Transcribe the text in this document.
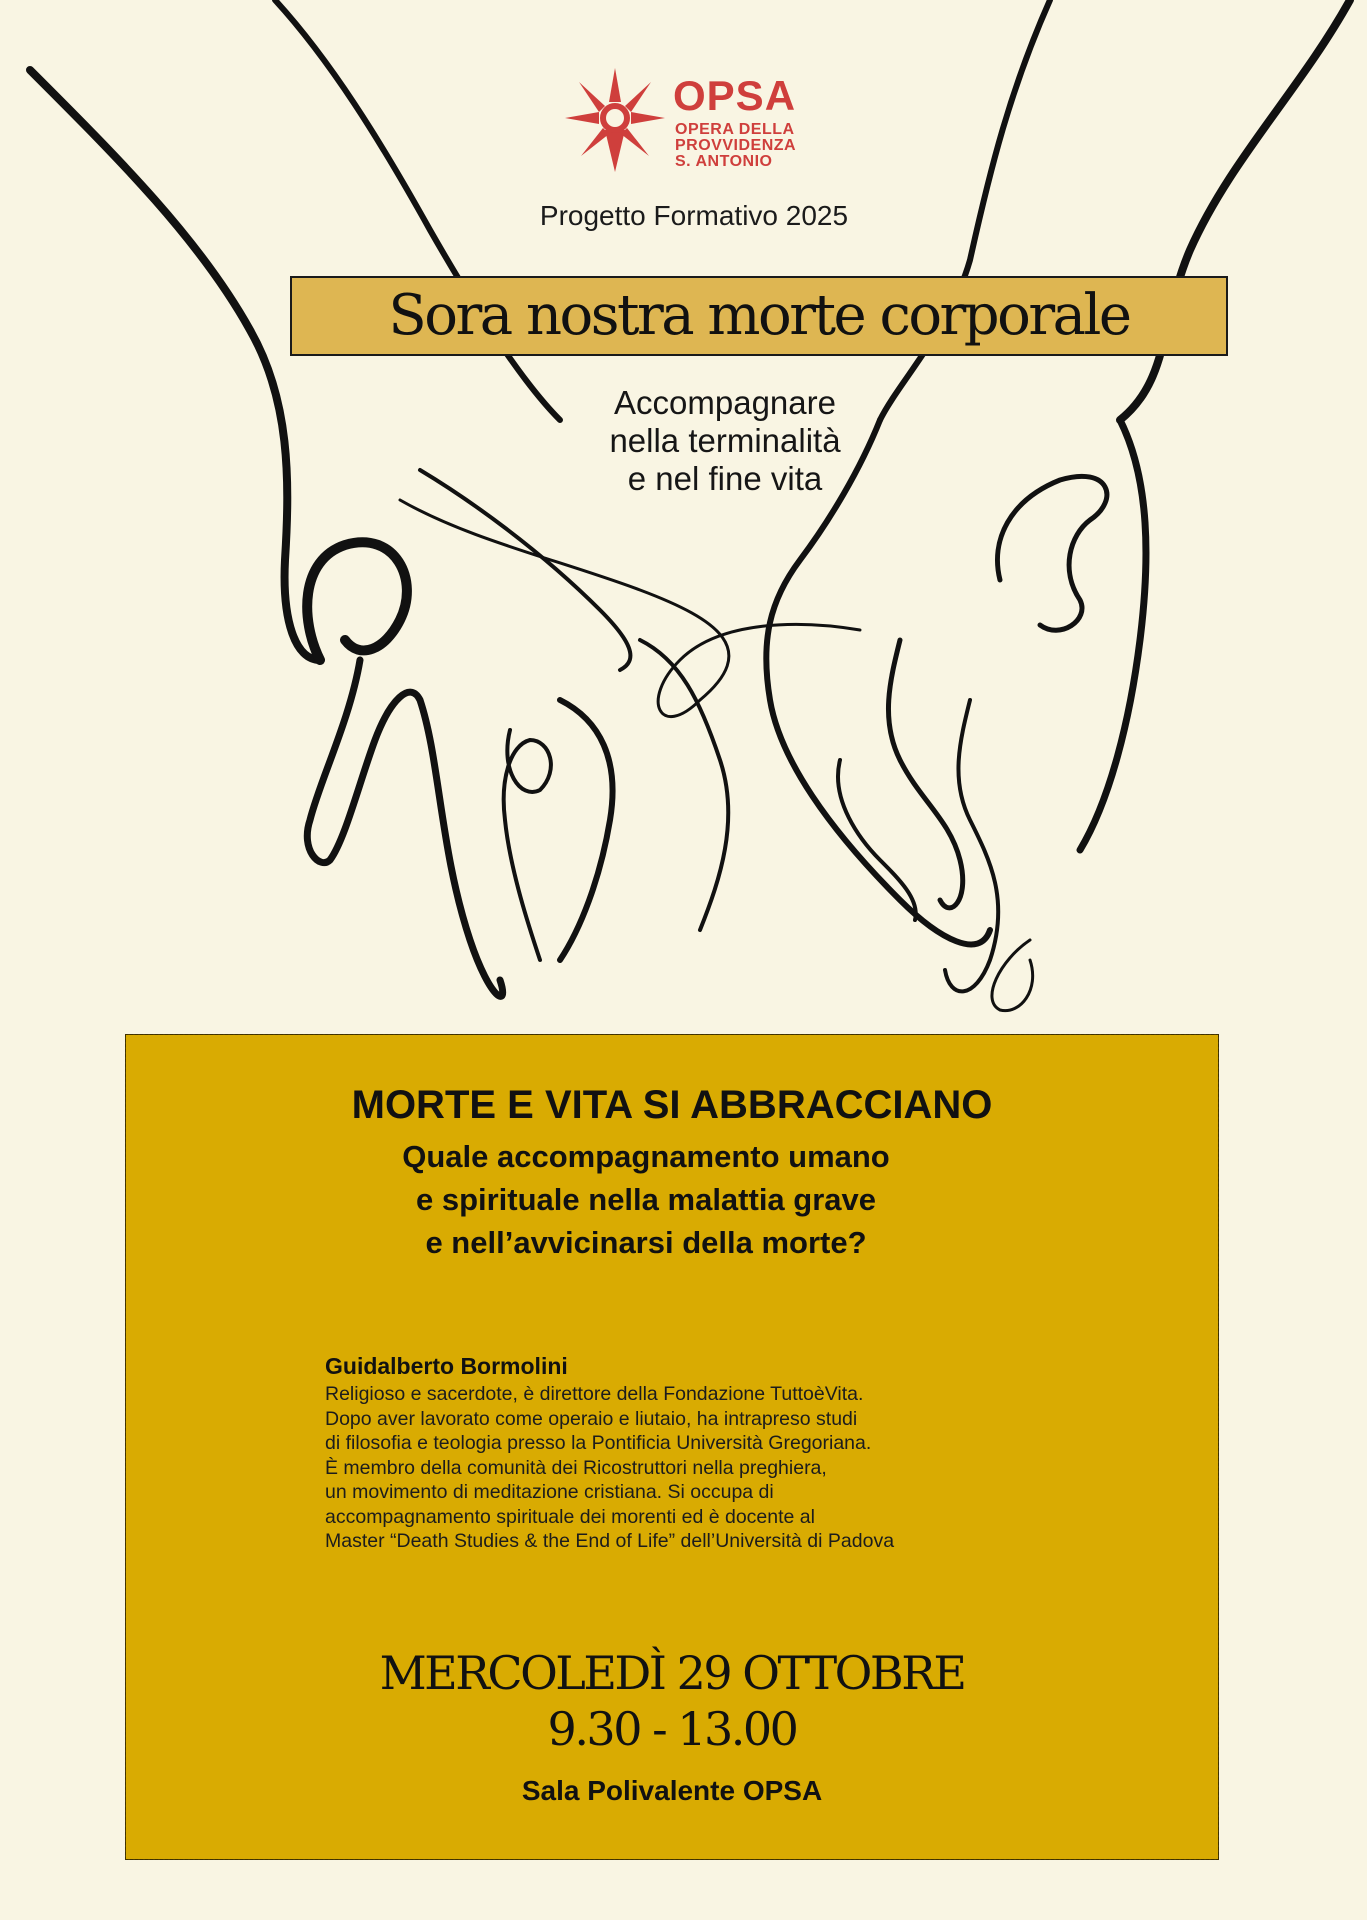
OPSA
OPERA DELLA
PROVVIDENZA
S. ANTONIO
Progetto Formativo 2025
Sora nostra morte corporale
Accompagnare
nella terminalità
e nel fine vita
MORTE E VITA SI ABBRACCIANO
Quale accompagnamento umano
e spirituale nella malattia grave
e nell’avvicinarsi della morte?
Guidalberto Bormolini
Religioso e sacerdote, è direttore della Fondazione TuttoèVita.
Dopo aver lavorato come operaio e liutaio, ha intrapreso studi
di filosofia e teologia presso la Pontificia Università Gregoriana.
È membro della comunità dei Ricostruttori nella preghiera,
un movimento di meditazione cristiana. Si occupa di
accompagnamento spirituale dei morenti ed è docente al
Master “Death Studies & the End of Life” dell’Università di Padova
MERCOLEDÌ 29 OTTOBRE
9.30 - 13.00
Sala Polivalente OPSA
